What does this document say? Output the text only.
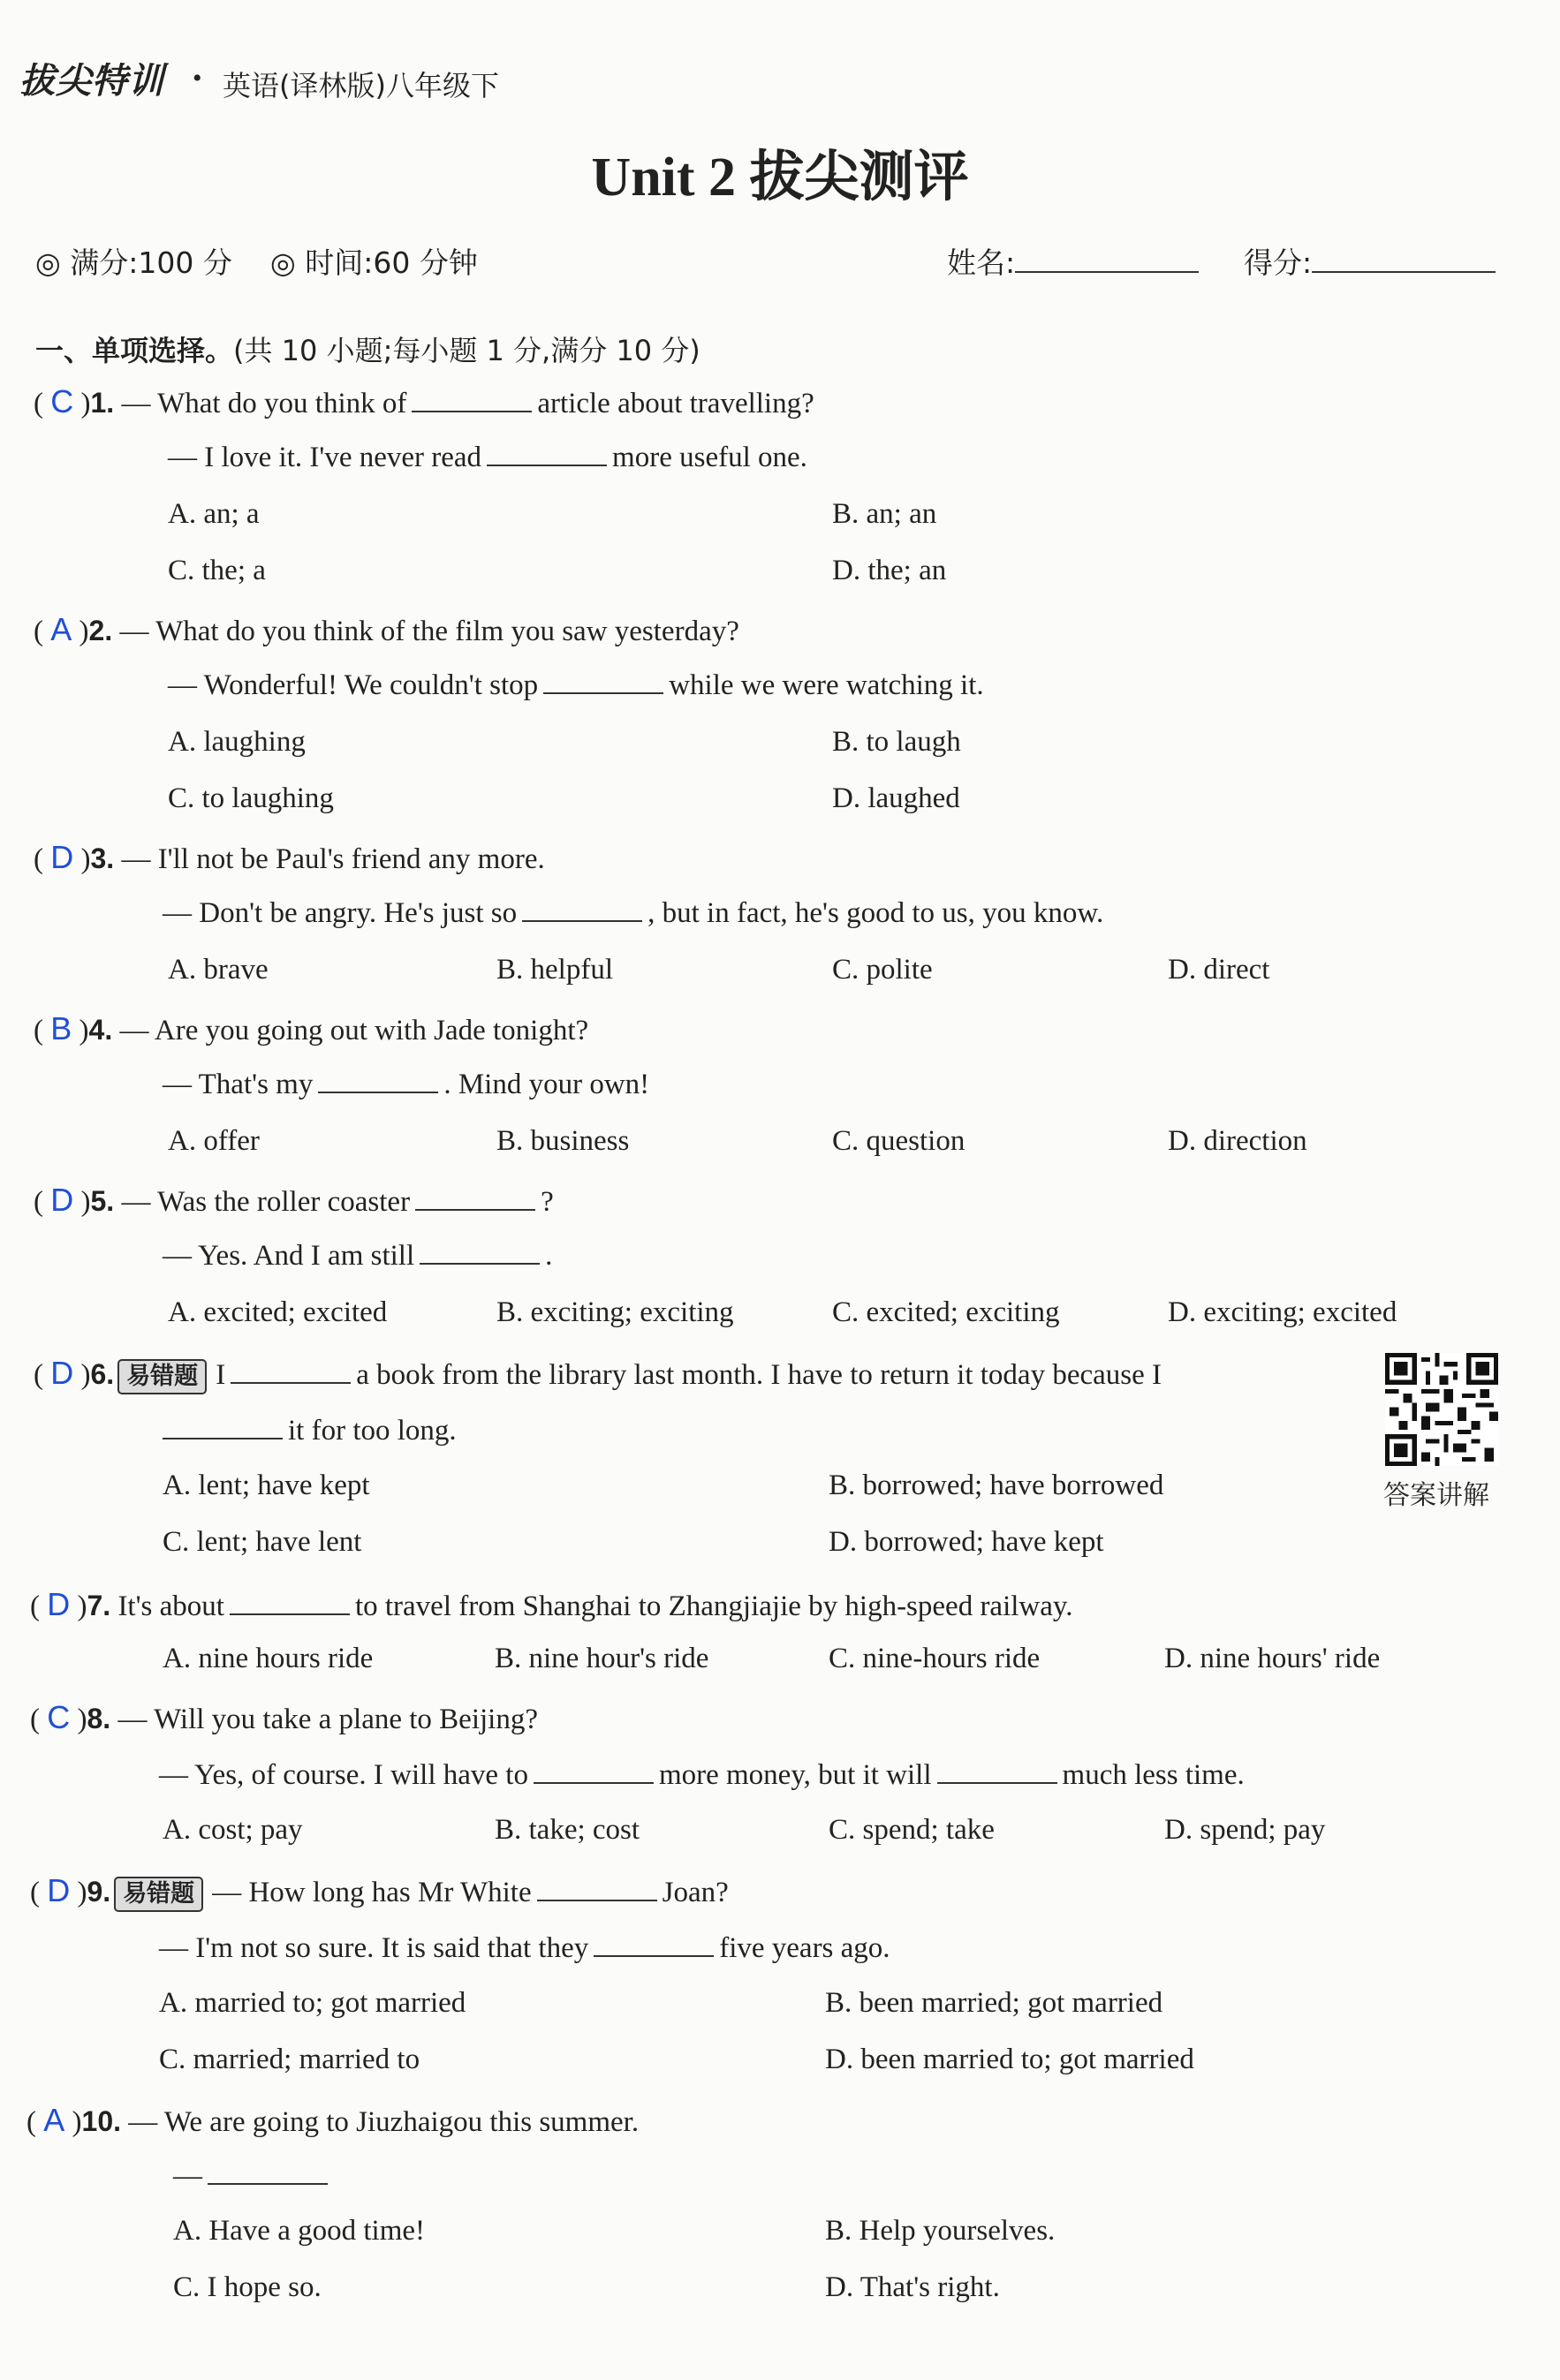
拔尖特训 • 英语(译林版)八年级下
Unit 2 拔尖测评
◎ 满分:100 分 ◎ 时间:60 分钟	姓名:	得分:
一、单项选择。(共 10 小题;每小题 1 分,满分 10 分)
( C )1. — What do you think of	article about travelling?
— I love it. I've never read	more useful one.
A. an; a	B. an; an
C. the; a	D. the; an
( A )2. — What do you think of the film you saw yesterday?
— Wonderful! We couldn't stop	while we were watching it.
A. laughing	B. to laugh
C. to laughing	D. laughed
( D )3. — I'll not be Paul's friend any more.
— Don't be angry. He's just so	, but in fact, he's good to us, you know.
A. brave	B. helpful	C. polite	D. direct
( B )4. — Are you going out with Jade tonight?
— That's my	. Mind your own!
A. offer	B. business	C. question	D. direction
( D )5. — Was the roller coaster	?
— Yes. And I am still	.
A. excited; excited	B. exciting; exciting	C. excited; exciting	D. exciting; excited
( D )6. 易错题 I	a book from the library last month. I have to return it today because I
it for too long.
A. lent; have kept	B. borrowed; have borrowed
C. lent; have lent	D. borrowed; have kept
答案讲解
( D )7. It's about	to travel from Shanghai to Zhangjiajie by high-speed railway.
A. nine hours ride	B. nine hour's ride	C. nine-hours ride	D. nine hours' ride
( C )8. — Will you take a plane to Beijing?
— Yes, of course. I will have to	more money, but it will	much less time.
A. cost; pay	B. take; cost	C. spend; take	D. spend; pay
( D )9. 易错题 — How long has Mr White	Joan?
— I'm not so sure. It is said that they	five years ago.
A. married to; got married	B. been married; got married
C. married; married to	D. been married to; got married
( A )10. — We are going to Jiuzhaigou this summer.
—
A. Have a good time!	B. Help yourselves.
C. I hope so.	D. That's right.
